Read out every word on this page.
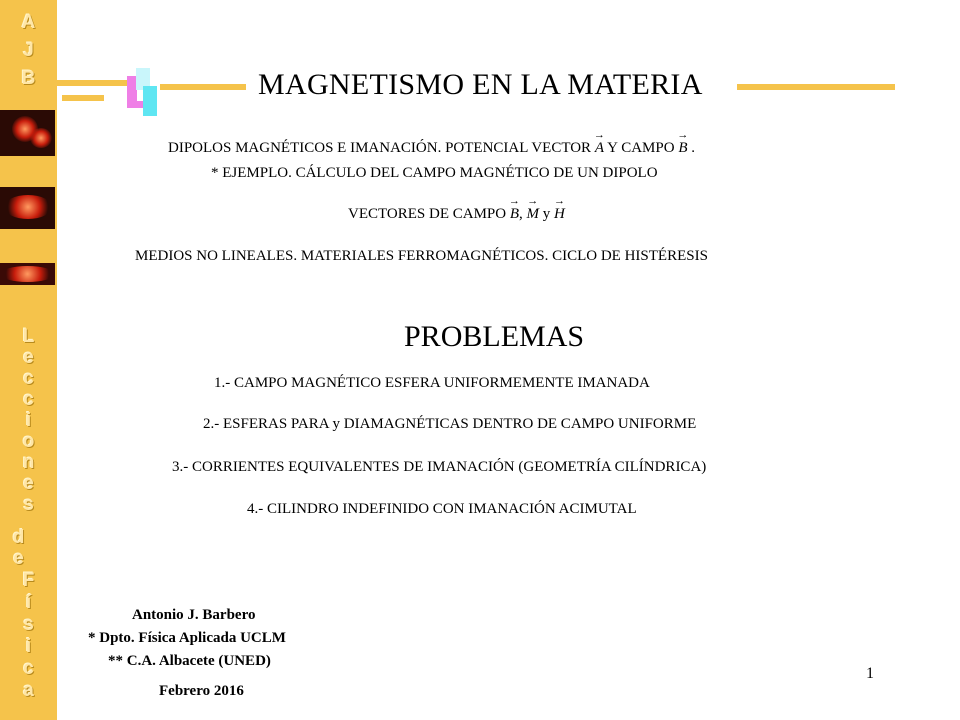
A
J
B
L
e
c
c
i
o
n
e
s
d
e
F
í
s
i
c
a
MAGNETISMO EN LA MATERIA
DIPOLOS MAGNÉTICOS E IMANACIÓN. POTENCIAL VECTOR → A Y CAMPO → B .
* EJEMPLO. CÁLCULO DEL CAMPO MAGNÉTICO DE UN DIPOLO
VECTORES DE CAMPO → B, → M y → H
MEDIOS NO LINEALES. MATERIALES FERROMAGNÉTICOS. CICLO DE HISTÉRESIS
PROBLEMAS
1.- CAMPO MAGNÉTICO ESFERA UNIFORMEMENTE IMANADA
2.- ESFERAS PARA y DIAMAGNÉTICAS DENTRO DE CAMPO UNIFORME
3.- CORRIENTES EQUIVALENTES DE IMANACIÓN (GEOMETRÍA CILÍNDRICA)
4.- CILINDRO INDEFINIDO CON IMANACIÓN ACIMUTAL
Antonio J. Barbero
* Dpto. Física Aplicada UCLM
** C.A. Albacete (UNED)
Febrero 2016
1
